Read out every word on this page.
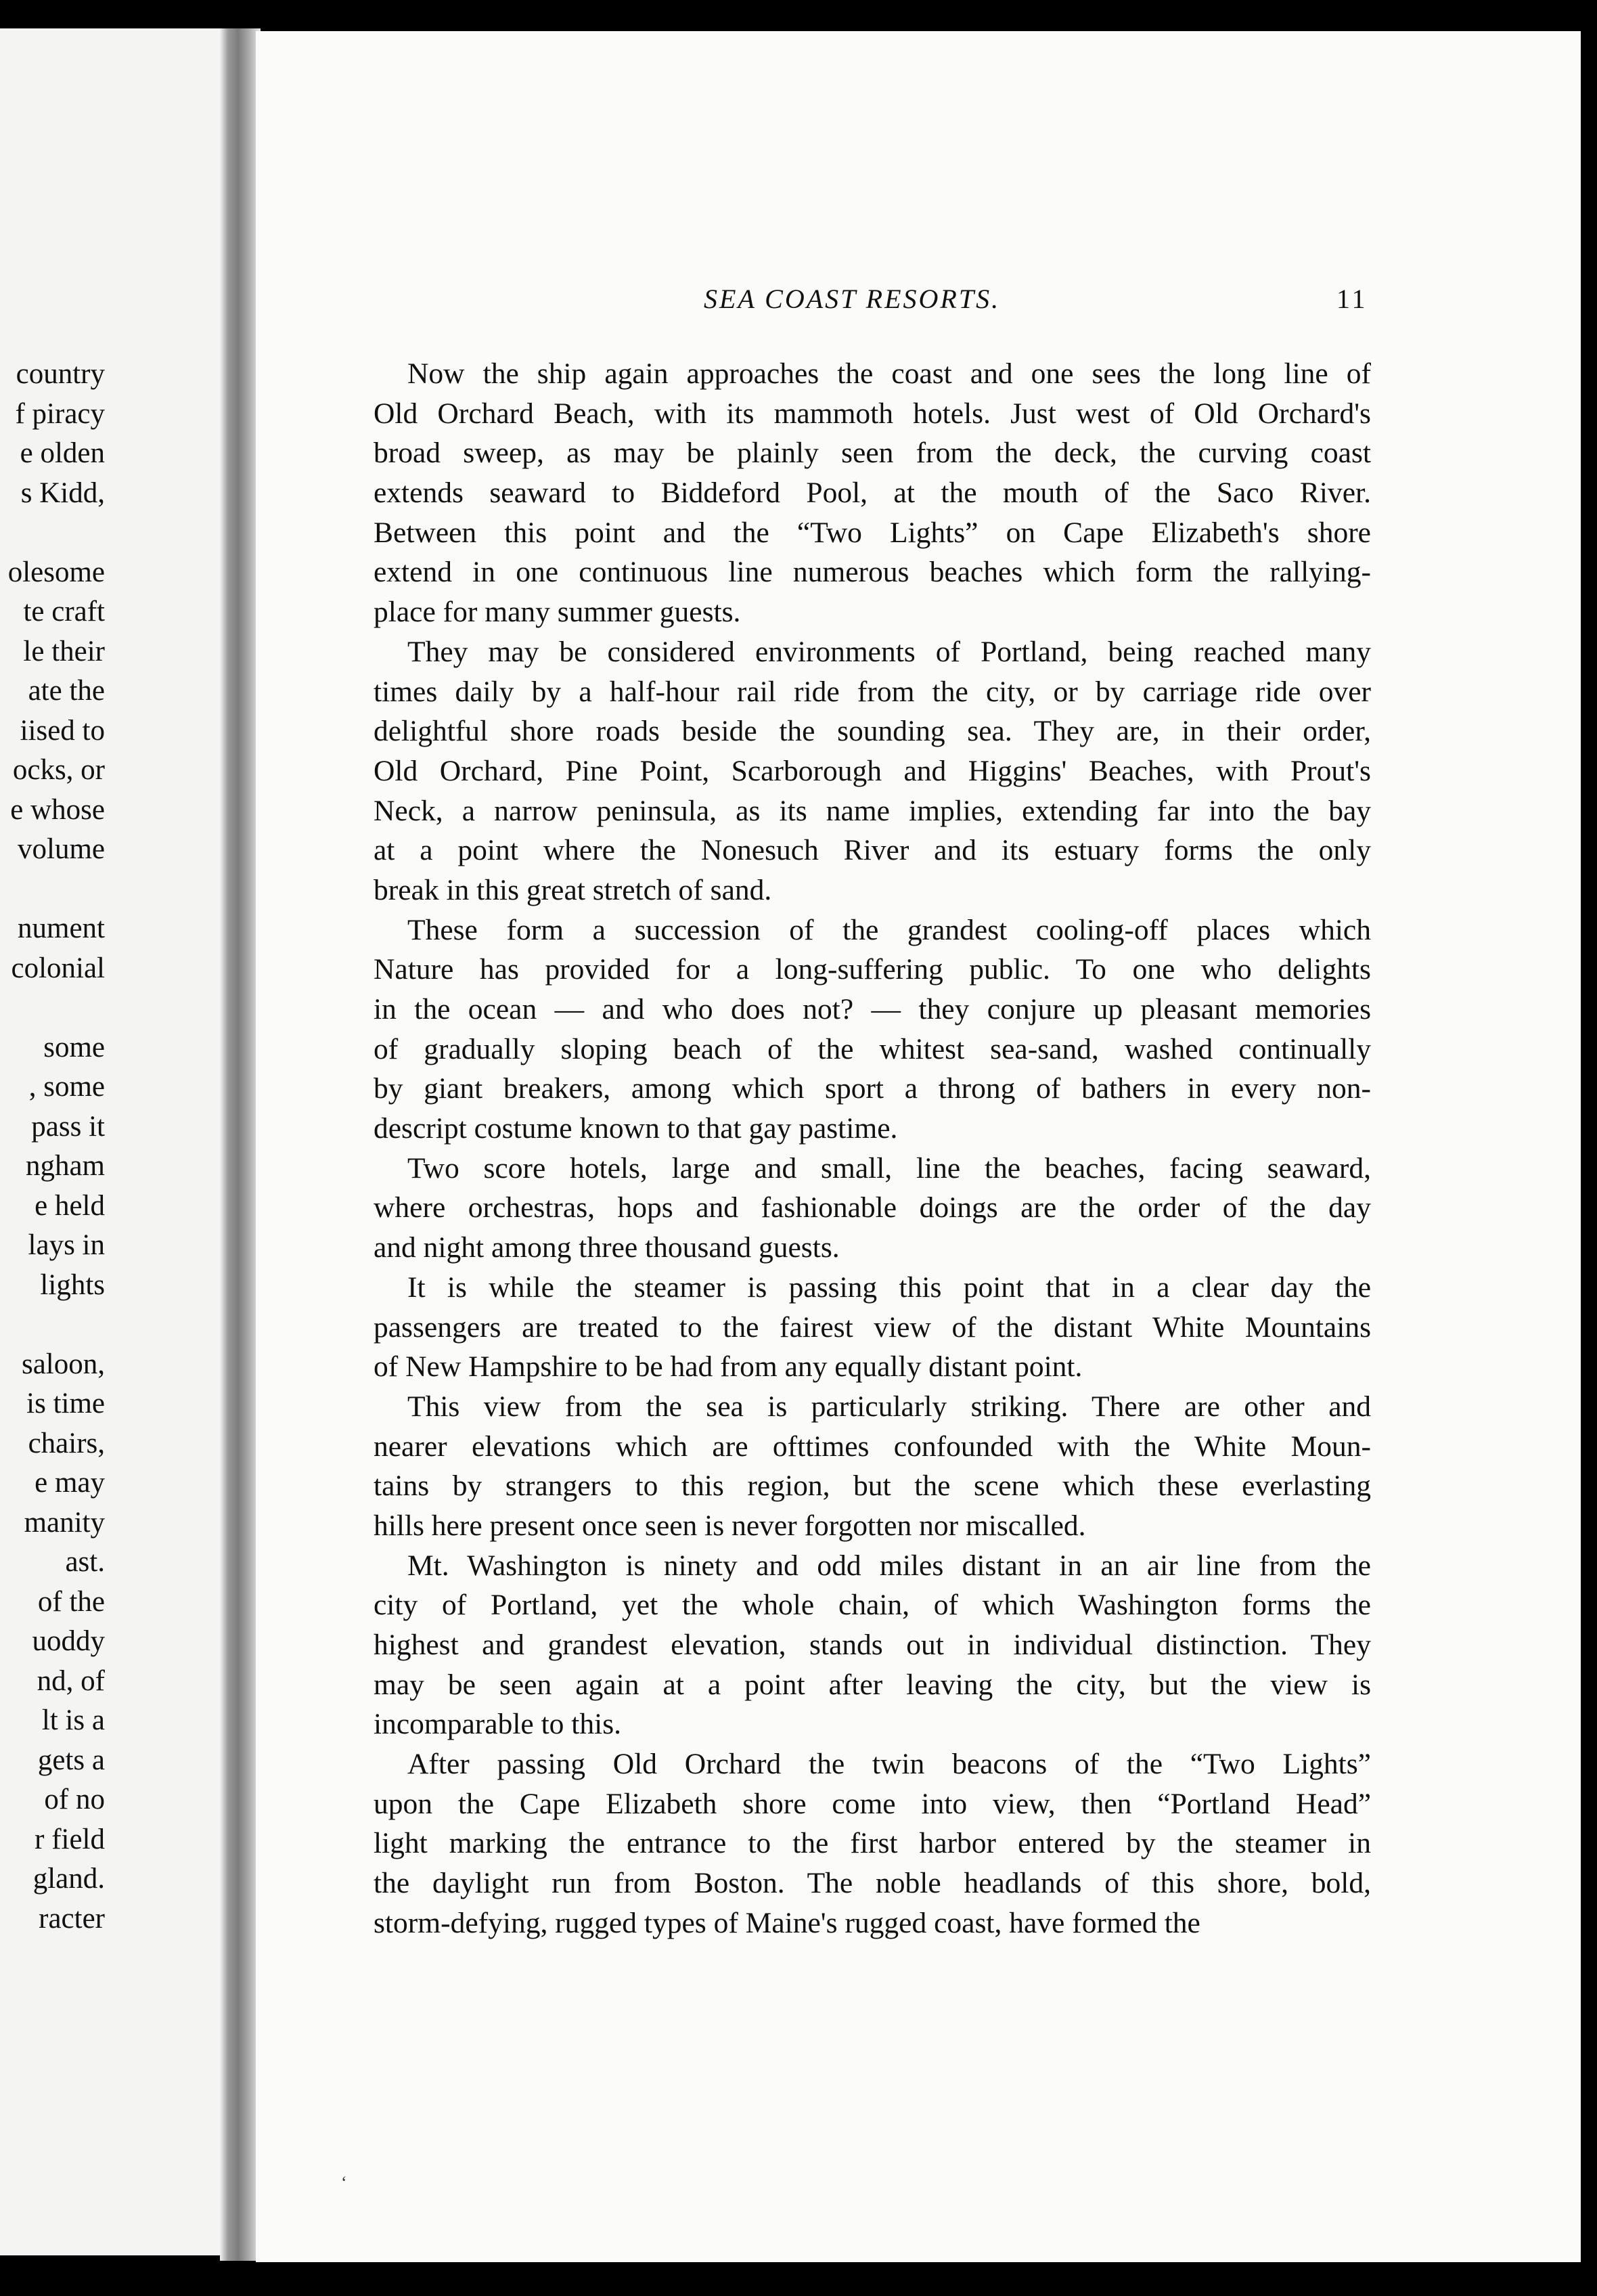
country
f piracy
e olden
s Kidd,
olesome
te craft
le their
ate the
iised to
ocks, or
e whose
volume
nument
colonial
some
, some
pass it
ngham
e held
lays in
lights
saloon,
is time
chairs,
e may
manity
ast.
of the
uoddy
nd, of
lt is a
gets a
of no
r field
gland.
racter
SEA COAST RESORTS.	11
Now the ship again approaches the coast and one sees the long line of
Old Orchard Beach, with its mammoth hotels. Just west of Old Orchard's
broad sweep, as may be plainly seen from the deck, the curving coast
extends seaward to Biddeford Pool, at the mouth of the Saco River.
Between this point and the “Two Lights” on Cape Elizabeth's shore
extend in one continuous line numerous beaches which form the rallying-
place for many summer guests.
They may be considered environments of Portland, being reached many
times daily by a half-hour rail ride from the city, or by carriage ride over
delightful shore roads beside the sounding sea. They are, in their order,
Old Orchard, Pine Point, Scarborough and Higgins' Beaches, with Prout's
Neck, a narrow peninsula, as its name implies, extending far into the bay
at a point where the Nonesuch River and its estuary forms the only
break in this great stretch of sand.
These form a succession of the grandest cooling-off places which
Nature has provided for a long-suffering public. To one who delights
in the ocean — and who does not? — they conjure up pleasant memories
of gradually sloping beach of the whitest sea-sand, washed continually
by giant breakers, among which sport a throng of bathers in every non-
descript costume known to that gay pastime.
Two score hotels, large and small, line the beaches, facing seaward,
where orchestras, hops and fashionable doings are the order of the day
and night among three thousand guests.
It is while the steamer is passing this point that in a clear day the
passengers are treated to the fairest view of the distant White Mountains
of New Hampshire to be had from any equally distant point.
This view from the sea is particularly striking. There are other and
nearer elevations which are ofttimes confounded with the White Moun-
tains by strangers to this region, but the scene which these everlasting
hills here present once seen is never forgotten nor miscalled.
Mt. Washington is ninety and odd miles distant in an air line from the
city of Portland, yet the whole chain, of which Washington forms the
highest and grandest elevation, stands out in individual distinction. They
may be seen again at a point after leaving the city, but the view is
incomparable to this.
After passing Old Orchard the twin beacons of the “Two Lights”
upon the Cape Elizabeth shore come into view, then “Portland Head”
light marking the entrance to the first harbor entered by the steamer in
the daylight run from Boston. The noble headlands of this shore, bold,
storm-defying, rugged types of Maine's rugged coast, have formed the
‘
